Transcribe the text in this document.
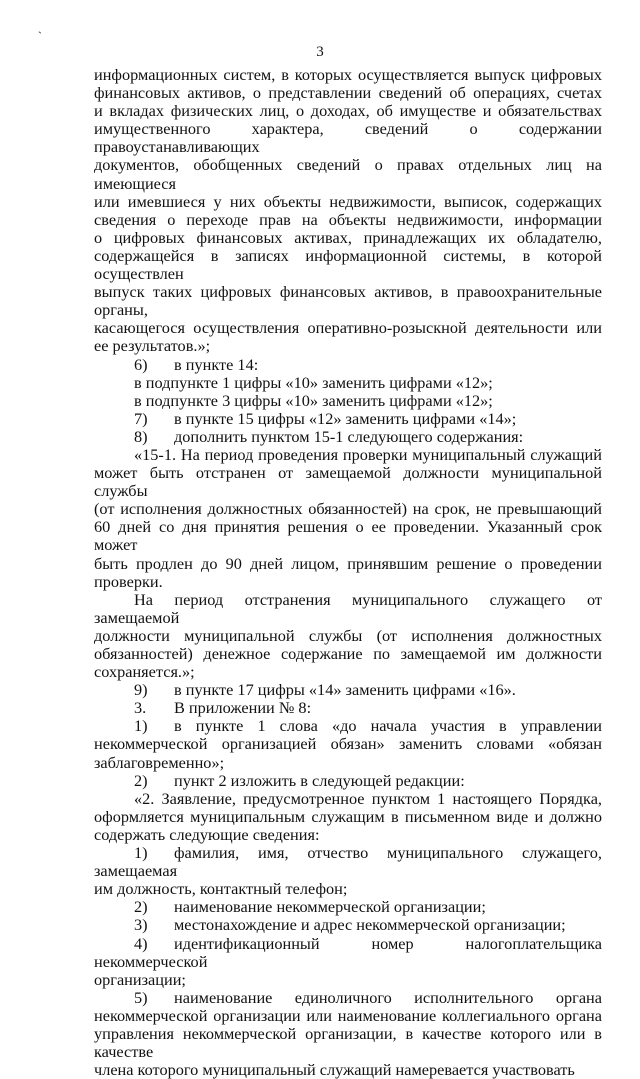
`
3

информационных систем, в которых осуществляется выпуск цифровых

финансовых активов, о представлении сведений об операциях, счетах

и вкладах физических лиц, о доходах, об имуществе и обязательствах

имущественного характера, сведений о содержании правоустанавливающих

документов, обобщенных сведений о правах отдельных лиц на имеющиеся

или имевшиеся у них объекты недвижимости, выписок, содержащих

сведения о переходе прав на объекты недвижимости, информации

о цифровых финансовых активах, принадлежащих их обладателю,

содержащейся в записях информационной системы, в которой осуществлен

выпуск таких цифровых финансовых активов, в правоохранительные органы,

касающегося осуществления оперативно-розыскной деятельности или

ее результатов.»;

6) в пункте 14:

в подпункте 1 цифры «10» заменить цифрами «12»;

в подпункте 3 цифры «10» заменить цифрами «12»;

7) в пункте 15 цифры «12» заменить цифрами «14»;

8) дополнить пунктом 15-1 следующего содержания:

«15-1. На период проведения проверки муниципальный служащий

может быть отстранен от замещаемой должности муниципальной службы

(от исполнения должностных обязанностей) на срок, не превышающий

60 дней со дня принятия решения о ее проведении. Указанный срок может

быть продлен до 90 дней лицом, принявшим решение о проведении

проверки.

На период отстранения муниципального служащего от замещаемой

должности муниципальной службы (от исполнения должностных

обязанностей) денежное содержание по замещаемой им должности

сохраняется.»;

9) в пункте 17 цифры «14» заменить цифрами «16».

3. В приложении № 8:

1) в пункте 1 слова «до начала участия в управлении

некоммерческой организацией обязан» заменить словами «обязан

заблаговременно»;

2) пункт 2 изложить в следующей редакции:

«2. Заявление, предусмотренное пунктом 1 настоящего Порядка,

оформляется муниципальным служащим в письменном виде и должно

содержать следующие сведения:

1) фамилия, имя, отчество муниципального служащего, замещаемая

им должность, контактный телефон;

2) наименование некоммерческой организации;

3) местонахождение и адрес некоммерческой организации;

4) идентификационный номер налогоплательщика некоммерческой

организации;

5) наименование единоличного исполнительного органа

некоммерческой организации или наименование коллегиального органа

управления некоммерческой организации, в качестве которого или в качестве

члена которого муниципальный служащий намеревается участвовать
